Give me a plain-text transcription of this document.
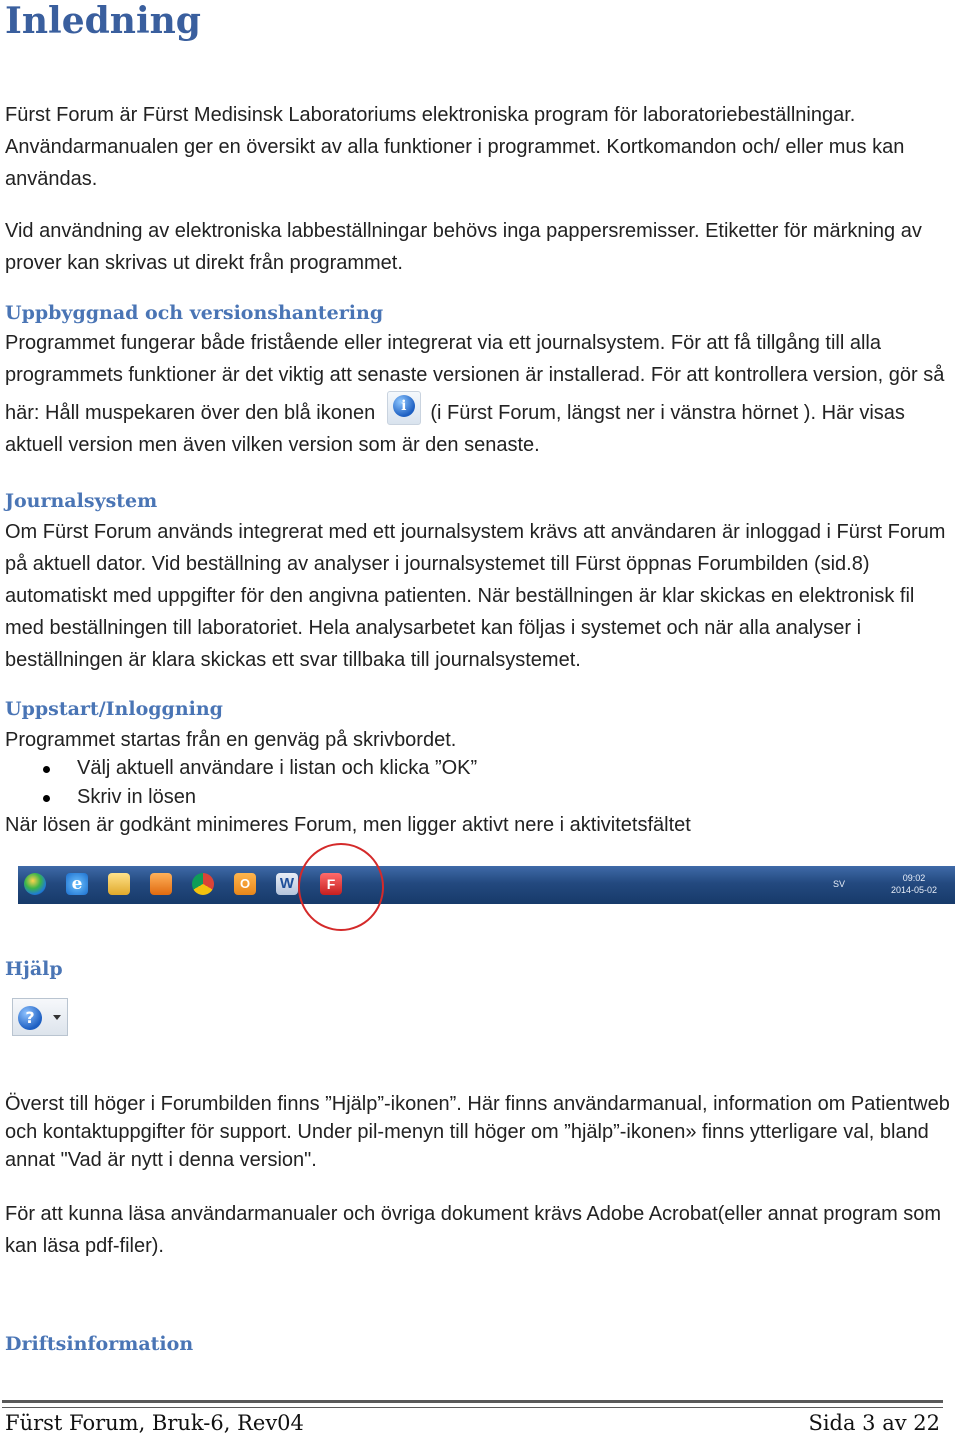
Inledning

Fürst Forum är Fürst Medisinsk Laboratoriums elektroniska program för laboratoriebeställningar. Användarmanualen ger en översikt av alla funktioner i programmet. Kortkomandon och/ eller mus kan användas.

Vid användning av elektroniska labbeställningar behövs inga pappersremisser. Etiketter för märkning av prover kan skrivas ut direkt från programmet.

Uppbyggnad och versionshantering

Programmet fungerar både fristående eller integrerat via ett journalsystem. För att få tillgång till alla programmets funktioner är det viktig att senaste versionen är installerad. För att kontrollera version, gör så här: Håll muspekaren över den blå ikonen	i	(i Fürst Forum, längst ner i vänstra hörnet ). Här visas aktuell version men även vilken version som är den senaste.

Journalsystem

Om Fürst Forum används integrerat med ett journalsystem krävs att användaren är inloggad i Fürst Forum på aktuell dator. Vid beställning av analyser i journalsystemet till Fürst öppnas Forumbilden (sid.8) automatiskt med uppgifter för den angivna patienten. När beställningen är klar skickas en elektronisk fil med beställningen till laboratoriet. Hela analysarbetet kan följas i systemet och när alla analyser i beställningen är klara skickas ett svar tillbaka till journalsystemet.

Uppstart/Inloggning

Programmet startas från en genväg på skrivbordet.

Välj aktuell användare i listan och klicka ”OK”
Skriv in lösen

När lösen är godkänt minimeres Forum, men ligger aktivt nere i aktivitetsfältet

e	O	W	F	SV
09:02
2014-05-02
Hjälp
?

Överst till höger i Forumbilden finns ”Hjälp”-ikonen”. Här finns användarmanual, information om Patientweb och kontaktuppgifter för support. Under pil-menyn till höger om ”hjälp”-ikonen» finns ytterligare val, bland annat "Vad är nytt i denna version".

För att kunna läsa användarmanualer och övriga dokument krävs Adobe Acrobat(eller annat program som kan läsa pdf-filer).

Driftsinformation
Fürst Forum, Bruk-6, Rev04	Sida 3 av 22
